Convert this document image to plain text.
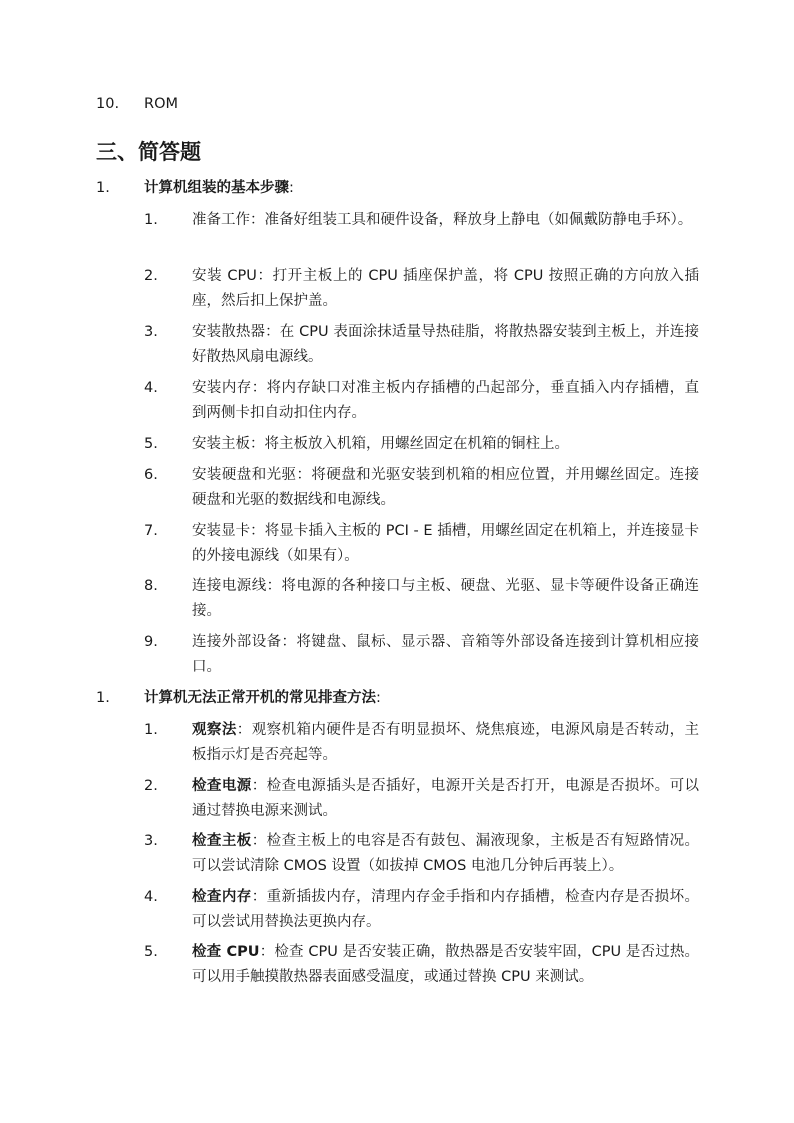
10. ROM
三、简答题
1. 计算机组装的基本步骤:
1. 准备工作：准备好组装工具和硬件设备，释放身上静电（如佩戴防静电手环）。
2. 安装 CPU：打开主板上的 CPU 插座保护盖，将 CPU 按照正确的方向放入插座，然后扣上保护盖。
3. 安装散热器：在 CPU 表面涂抹适量导热硅脂，将散热器安装到主板上，并连接好散热风扇电源线。
4. 安装内存：将内存缺口对准主板内存插槽的凸起部分，垂直插入内存插槽，直到两侧卡扣自动扣住内存。
5. 安装主板：将主板放入机箱，用螺丝固定在机箱的铜柱上。
6. 安装硬盘和光驱：将硬盘和光驱安装到机箱的相应位置，并用螺丝固定。连接硬盘和光驱的数据线和电源线。
7. 安装显卡：将显卡插入主板的 PCI - E 插槽，用螺丝固定在机箱上，并连接显卡的外接电源线（如果有）。
8. 连接电源线：将电源的各种接口与主板、硬盘、光驱、显卡等硬件设备正确连接。
9. 连接外部设备：将键盘、鼠标、显示器、音箱等外部设备连接到计算机相应接口。
1. 计算机无法正常开机的常见排查方法:
1. 观察法：观察机箱内硬件是否有明显损坏、烧焦痕迹，电源风扇是否转动，主板指示灯是否亮起等。
2. 检查电源：检查电源插头是否插好，电源开关是否打开，电源是否损坏。可以通过替换电源来测试。
3. 检查主板：检查主板上的电容是否有鼓包、漏液现象，主板是否有短路情况。可以尝试清除 CMOS 设置（如拔掉 CMOS 电池几分钟后再装上）。
4. 检查内存：重新插拔内存，清理内存金手指和内存插槽，检查内存是否损坏。可以尝试用替换法更换内存。
5. 检查 CPU：检查 CPU 是否安装正确，散热器是否安装牢固，CPU 是否过热。可以用手触摸散热器表面感受温度，或通过替换 CPU 来测试。
